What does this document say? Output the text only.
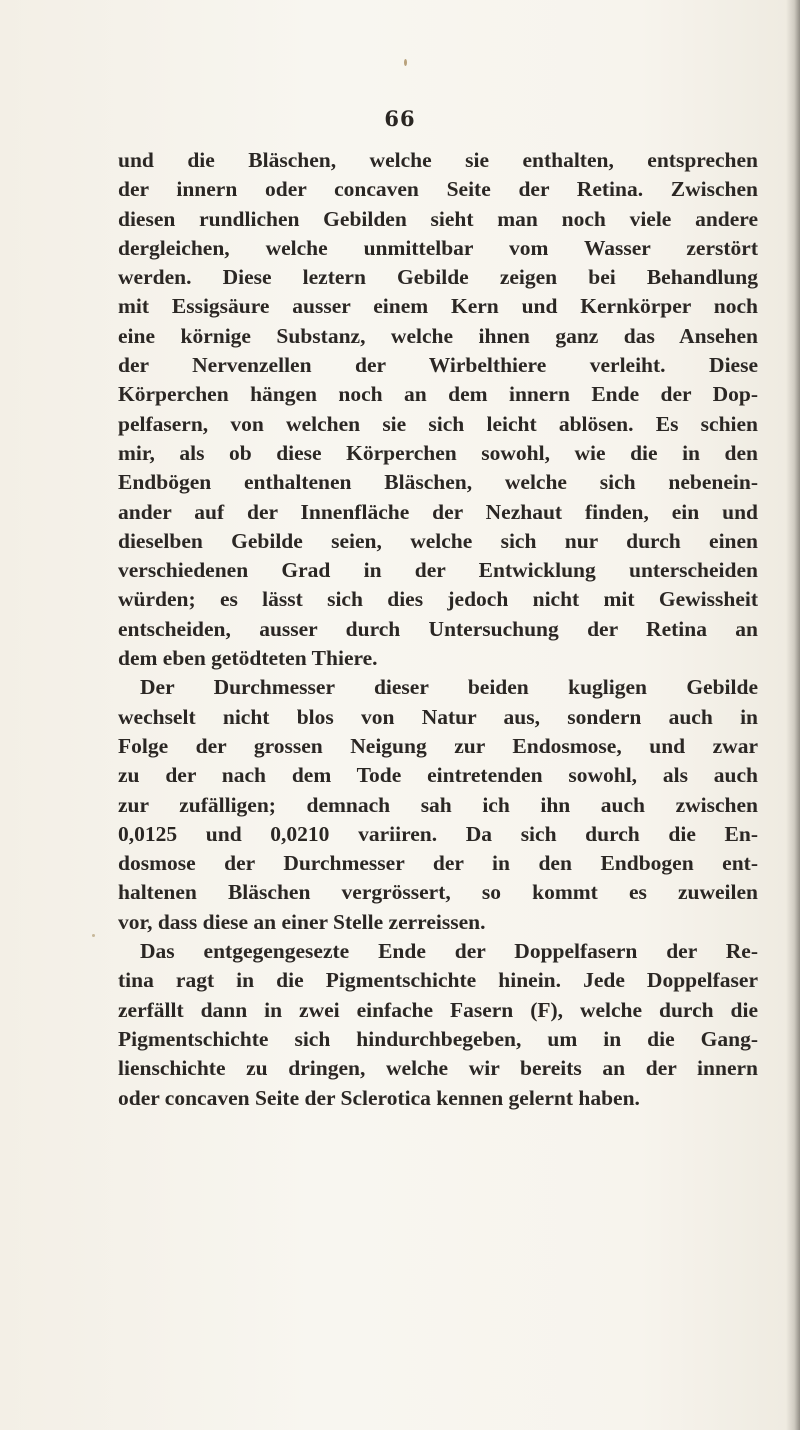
66
und die Bläschen, welche sie enthalten, entsprechen
der innern oder concaven Seite der Retina. Zwischen
diesen rundlichen Gebilden sieht man noch viele andere
dergleichen, welche unmittelbar vom Wasser zerstört
werden. Diese leztern Gebilde zeigen bei Behandlung
mit Essigsäure ausser einem Kern und Kernkörper noch
eine körnige Substanz, welche ihnen ganz das Ansehen
der Nervenzellen der Wirbelthiere verleiht. Diese
Körperchen hängen noch an dem innern Ende der Dop-
pelfasern, von welchen sie sich leicht ablösen. Es schien
mir, als ob diese Körperchen sowohl, wie die in den
Endbögen enthaltenen Bläschen, welche sich nebenein-
ander auf der Innenfläche der Nezhaut finden, ein und
dieselben Gebilde seien, welche sich nur durch einen
verschiedenen Grad in der Entwicklung unterscheiden
würden; es lässt sich dies jedoch nicht mit Gewissheit
entscheiden, ausser durch Untersuchung der Retina an
dem eben getödteten Thiere.
Der Durchmesser dieser beiden kugligen Gebilde
wechselt nicht blos von Natur aus, sondern auch in
Folge der grossen Neigung zur Endosmose, und zwar
zu der nach dem Tode eintretenden sowohl, als auch
zur zufälligen; demnach sah ich ihn auch zwischen
0,0125 und 0,0210 variiren. Da sich durch die En-
dosmose der Durchmesser der in den Endbogen ent-
haltenen Bläschen vergrössert, so kommt es zuweilen
vor, dass diese an einer Stelle zerreissen.
Das entgegengesezte Ende der Doppelfasern der Re-
tina ragt in die Pigmentschichte hinein. Jede Doppelfaser
zerfällt dann in zwei einfache Fasern (F), welche durch die
Pigmentschichte sich hindurchbegeben, um in die Gang-
lienschichte zu dringen, welche wir bereits an der innern
oder concaven Seite der Sclerotica kennen gelernt haben.
